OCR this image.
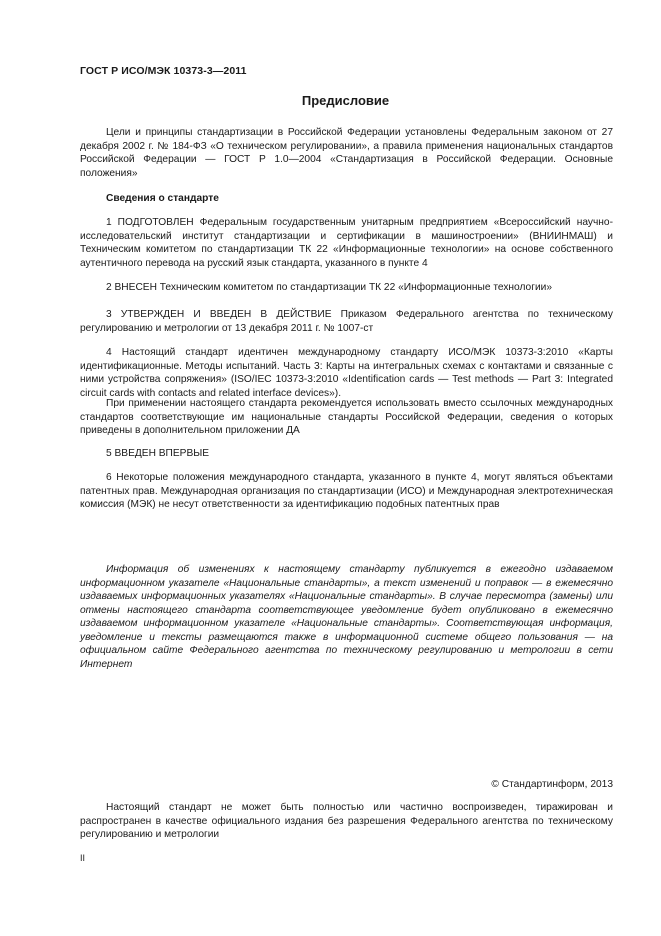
ГОСТ Р ИСО/МЭК 10373-3—2011
Предисловие

Цели и принципы стандартизации в Российской Федерации установлены Федеральным законом от 27 декабря 2002 г. № 184-ФЗ «О техническом регулировании», а правила применения национальных стандартов Российской Федерации — ГОСТ Р 1.0—2004 «Стандартизация в Российской Федерации. Основные положения»

Сведения о стандарте

1 ПОДГОТОВЛЕН Федеральным государственным унитарным предприятием «Всероссийский научно-исследовательский институт стандартизации и сертификации в машиностроении» (ВНИИНМАШ) и Техническим комитетом по стандартизации ТК 22 «Информационные технологии» на основе собственного аутентичного перевода на русский язык стандарта, указанного в пункте 4

2 ВНЕСЕН Техническим комитетом по стандартизации ТК 22 «Информационные технологии»

3 УТВЕРЖДЕН И ВВЕДЕН В ДЕЙСТВИЕ Приказом Федерального агентства по техническому регулированию и метрологии от 13 декабря 2011 г. № 1007-ст

4 Настоящий стандарт идентичен международному стандарту ИСО/МЭК 10373-3:2010 «Карты идентификационные. Методы испытаний. Часть 3: Карты на интегральных схемах с контактами и связанные с ними устройства сопряжения» (ISO/IEC 10373-3:2010 «Identification cards — Test methods — Part 3: Integrated circuit cards with contacts and related interface devices»).

При применении настоящего стандарта рекомендуется использовать вместо ссылочных международных стандартов соответствующие им национальные стандарты Российской Федерации, сведения о которых приведены в дополнительном приложении ДА

5 ВВЕДЕН ВПЕРВЫЕ

6 Некоторые положения международного стандарта, указанного в пункте 4, могут являться объектами патентных прав. Международная организация по стандартизации (ИСО) и Международная электротехническая комиссия (МЭК) не несут ответственности за идентификацию подобных патентных прав

Информация об изменениях к настоящему стандарту публикуется в ежегодно издаваемом информационном указателе «Национальные стандарты», а текст изменений и поправок — в ежемесячно издаваемых информационных указателях «Национальные стандарты». В случае пересмотра (замены) или отмены настоящего стандарта соответствующее уведомление будет опубликовано в ежемесячно издаваемом информационном указателе «Национальные стандарты». Соответствующая информация, уведомление и тексты размещаются также в информационной системе общего пользования — на официальном сайте Федерального агентства по техническому регулированию и метрологии в сети Интернет

© Стандартинформ, 2013

Настоящий стандарт не может быть полностью или частично воспроизведен, тиражирован и распространен в качестве официального издания без разрешения Федерального агентства по техническому регулированию и метрологии

II
